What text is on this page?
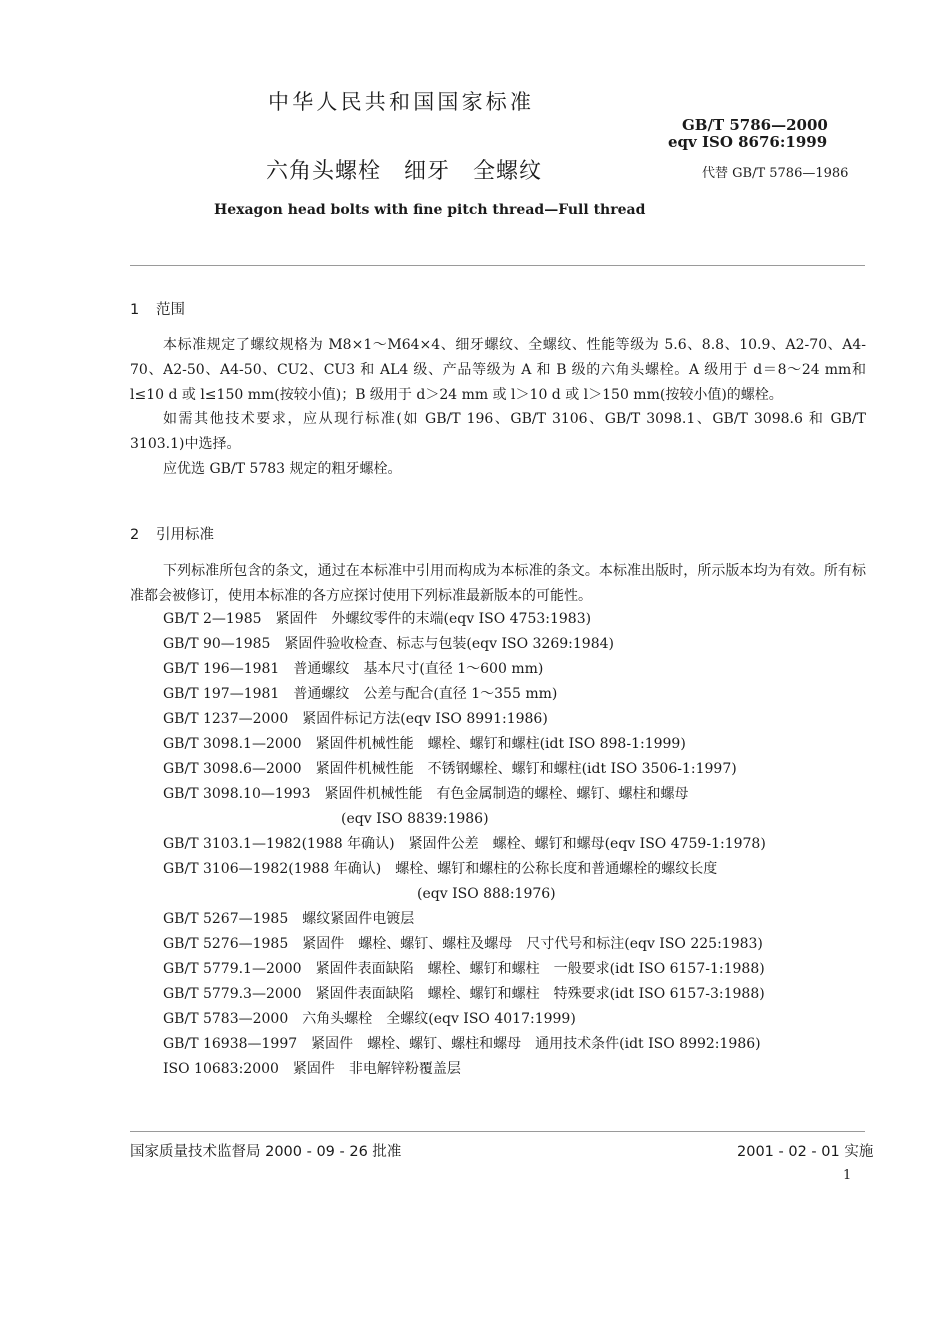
中华人民共和国国家标准
GB/T 5786—2000
eqv ISO 8676:1999
代替 GB/T 5786—1986
六角头螺栓　细牙　全螺纹
Hexagon head bolts with fine pitch thread—Full thread
1 范围

本标准规定了螺纹规格为 M8×1～M64×4、细牙螺纹、全螺纹、性能等级为 5.6、8.8、10.9、A2-70、A4-70、A2-50、A4-50、CU2、CU3 和 AL4 级、产品等级为 A 和 B 级的六角头螺栓。A 级用于 d＝8～24 mm和 l≤10 d 或 l≤150 mm(按较小值)；B 级用于 d＞24 mm 或 l＞10 d 或 l＞150 mm(按较小值)的螺栓。

如需其他技术要求，应从现行标准(如 GB/T 196、GB/T 3106、GB/T 3098.1、GB/T 3098.6 和 GB/T 3103.1)中选择。

应优选 GB/T 5783 规定的粗牙螺栓。

2 引用标准

下列标准所包含的条文，通过在本标准中引用而构成为本标准的条文。本标准出版时，所示版本均为有效。所有标准都会被修订，使用本标准的各方应探讨使用下列标准最新版本的可能性。

GB/T 2—1985　紧固件　外螺纹零件的末端(eqv ISO 4753:1983)
GB/T 90—1985　紧固件验收检查、标志与包装(eqv ISO 3269:1984)
GB/T 196—1981　普通螺纹　基本尺寸(直径 1～600 mm)
GB/T 197—1981　普通螺纹　公差与配合(直径 1～355 mm)
GB/T 1237—2000　紧固件标记方法(eqv ISO 8991:1986)
GB/T 3098.1—2000　紧固件机械性能　螺栓、螺钉和螺柱(idt ISO 898-1:1999)
GB/T 3098.6—2000　紧固件机械性能　不锈钢螺栓、螺钉和螺柱(idt ISO 3506-1:1997)
GB/T 3098.10—1993　紧固件机械性能　有色金属制造的螺栓、螺钉、螺柱和螺母
(eqv ISO 8839:1986)
GB/T 3103.1—1982(1988 年确认)　紧固件公差　螺栓、螺钉和螺母(eqv ISO 4759-1:1978)
GB/T 3106—1982(1988 年确认)　螺栓、螺钉和螺柱的公称长度和普通螺栓的螺纹长度
(eqv ISO 888:1976)
GB/T 5267—1985　螺纹紧固件电镀层
GB/T 5276—1985　紧固件　螺栓、螺钉、螺柱及螺母　尺寸代号和标注(eqv ISO 225:1983)
GB/T 5779.1—2000　紧固件表面缺陷　螺栓、螺钉和螺柱　一般要求(idt ISO 6157-1:1988)
GB/T 5779.3—2000　紧固件表面缺陷　螺栓、螺钉和螺柱　特殊要求(idt ISO 6157-3:1988)
GB/T 5783—2000　六角头螺栓　全螺纹(eqv ISO 4017:1999)
GB/T 16938—1997　紧固件　螺栓、螺钉、螺柱和螺母　通用技术条件(idt ISO 8992:1986)
ISO 10683:2000　紧固件　非电解锌粉覆盖层
国家质量技术监督局 2000 - 09 - 26 批准	2001 - 02 - 01 实施
1
